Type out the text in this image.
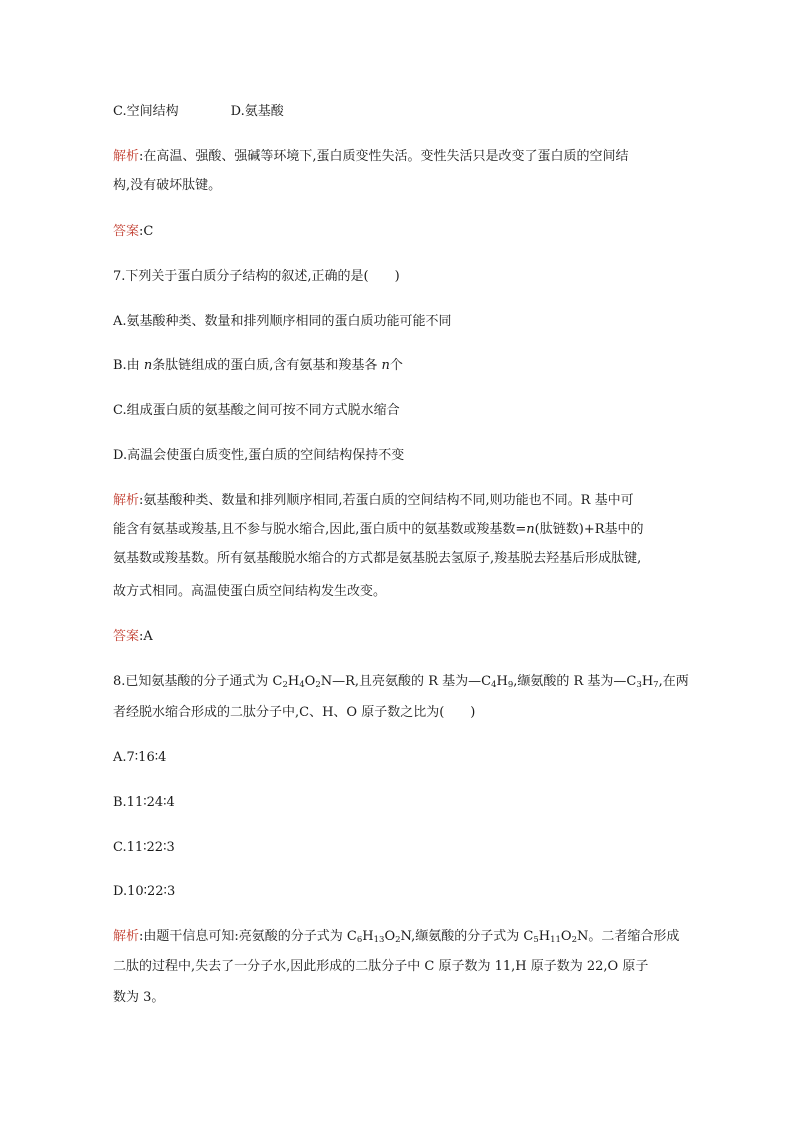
C.空间结构	D.氨基酸
解析:在高温、强酸、强碱等环境下,蛋白质变性失活。变性失活只是改变了蛋白质的空间结
构,没有破坏肽键。
答案:C
7.下列关于蛋白质分子结构的叙述,正确的是(　　)
A.氨基酸种类、数量和排列顺序相同的蛋白质功能可能不同
B.由 n条肽链组成的蛋白质,含有氨基和羧基各 n个
C.组成蛋白质的氨基酸之间可按不同方式脱水缩合
D.高温会使蛋白质变性,蛋白质的空间结构保持不变
解析:氨基酸种类、数量和排列顺序相同,若蛋白质的空间结构不同,则功能也不同。R 基中可
能含有氨基或羧基,且不参与脱水缩合,因此,蛋白质中的氨基数或羧基数=n(肽链数)+R基中的
氨基数或羧基数。所有氨基酸脱水缩合的方式都是氨基脱去氢原子,羧基脱去羟基后形成肽键,
故方式相同。高温使蛋白质空间结构发生改变。
答案:A
8.已知氨基酸的分子通式为 $C_2H_4O_2N—R$,且亮氨酸的 R 基为$—C_4H_9$,缬氨酸的 R 基为$—C_3H_7$,在两
者经脱水缩合形成的二肽分子中,C、H、O 原子数之比为(　　)
A.7∶16∶4
B.11∶24∶4
C.11∶22∶3
D.10∶22∶3
解析:由题干信息可知:亮氨酸的分子式为 $C_6H_{13}O_2N$,缬氨酸的分子式为 $C_5H_{11}O_2N$。二者缩合形成
二肽的过程中,失去了一分子水,因此形成的二肽分子中 C 原子数为 11,H 原子数为 22,O 原子
数为 3。
